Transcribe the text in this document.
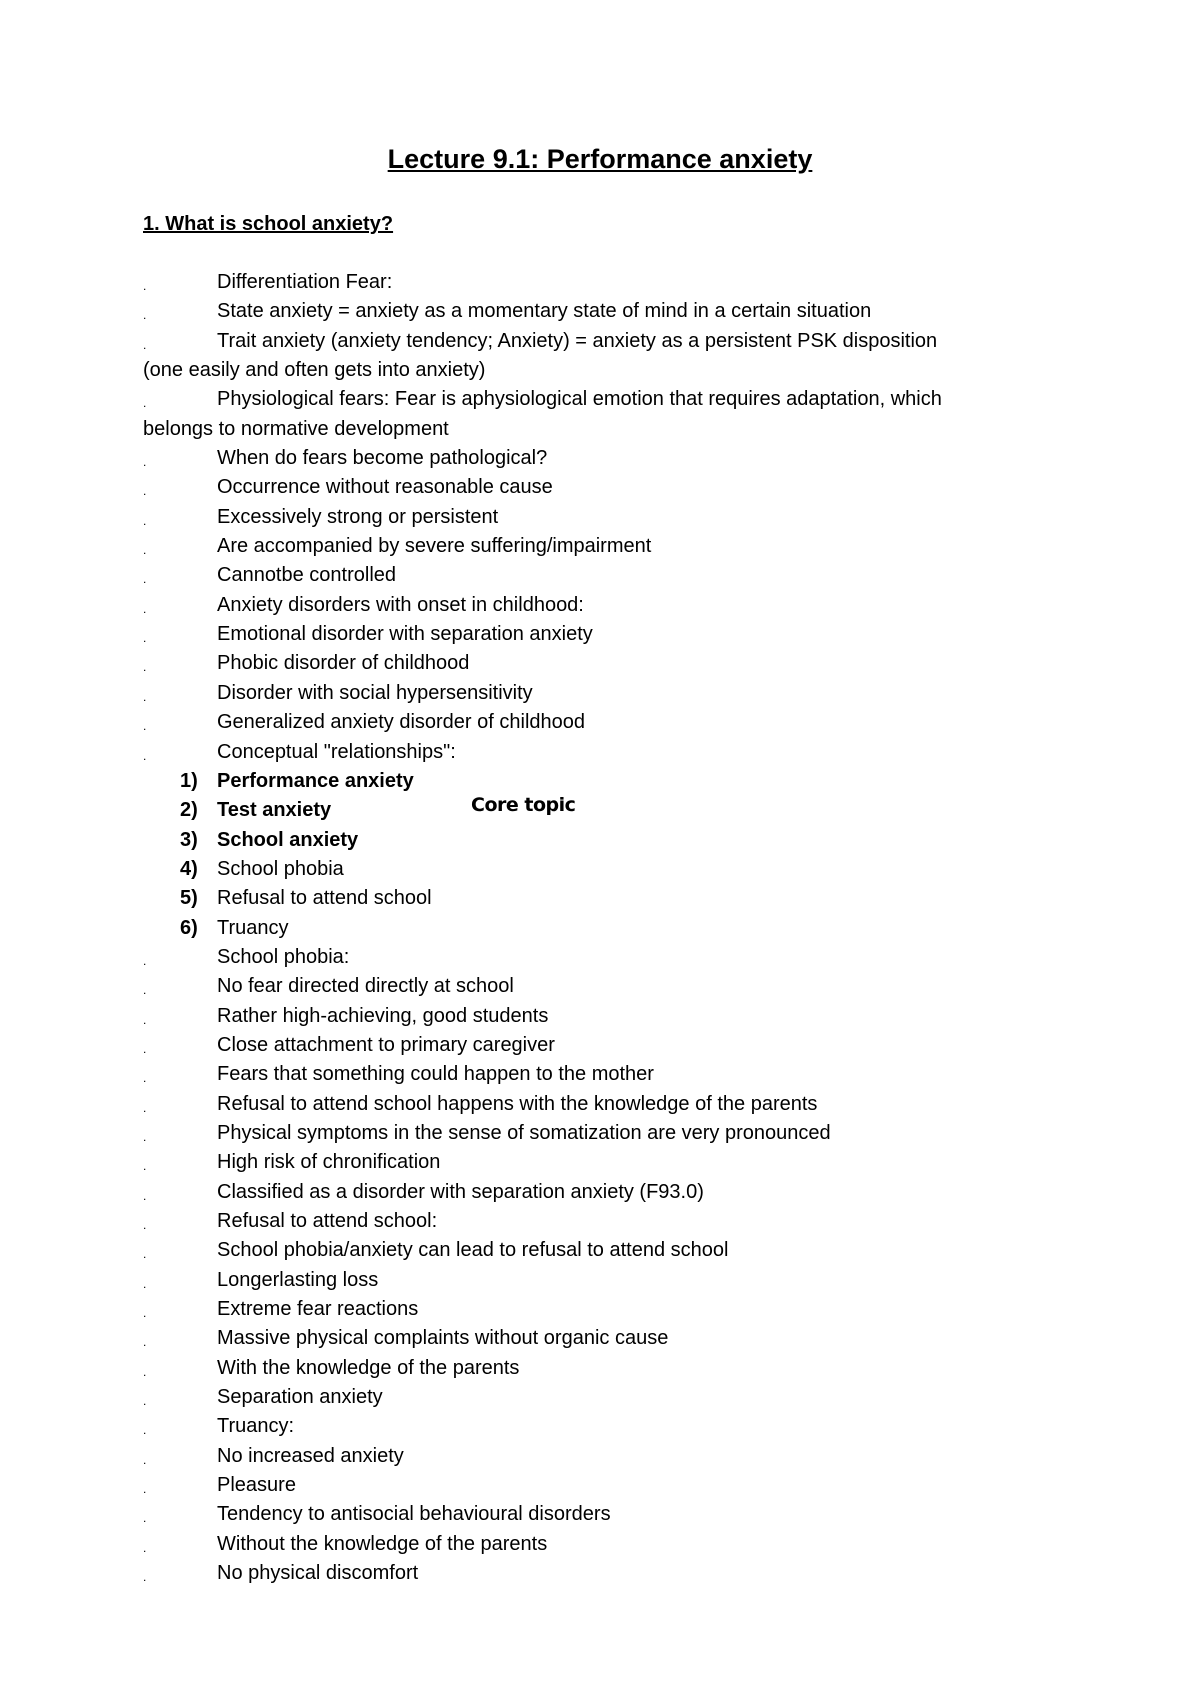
Lecture 9.1: Performance anxiety
1. What is school anxiety?
.	Differentiation Fear:
.	State anxiety = anxiety as a momentary state of mind in a certain situation
.	Trait anxiety (anxiety tendency; Anxiety) = anxiety as a persistent PSK disposition
(one easily and often gets into anxiety)
.	Physiological fears: Fear is aphysiological emotion that requires adaptation, which
belongs to normative development
.	When do fears become pathological?
.	Occurrence without reasonable cause
.	Excessively strong or persistent
.	Are accompanied by severe suffering/impairment
.	Cannotbe controlled
.	Anxiety disorders with onset in childhood:
.	Emotional disorder with separation anxiety
.	Phobic disorder of childhood
.	Disorder with social hypersensitivity
.	Generalized anxiety disorder of childhood
.	Conceptual "relationships":
1) Performance anxiety
2) Test anxiety
3) School anxiety
4) School phobia
5) Refusal to attend school
6) Truancy
.	School phobia:
.	No fear directed directly at school
.	Rather high-achieving, good students
.	Close attachment to primary caregiver
.	Fears that something could happen to the mother
.	Refusal to attend school happens with the knowledge of the parents
.	Physical symptoms in the sense of somatization are very pronounced
.	High risk of chronification
.	Classified as a disorder with separation anxiety (F93.0)
.	Refusal to attend school:
.	School phobia/anxiety can lead to refusal to attend school
.	Longerlasting loss
.	Extreme fear reactions
.	Massive physical complaints without organic cause
.	With the knowledge of the parents
.	Separation anxiety
.	Truancy:
.	No increased anxiety
.	Pleasure
.	Tendency to antisocial behavioural disorders
.	Without the knowledge of the parents
.	No physical discomfort
Core topic
